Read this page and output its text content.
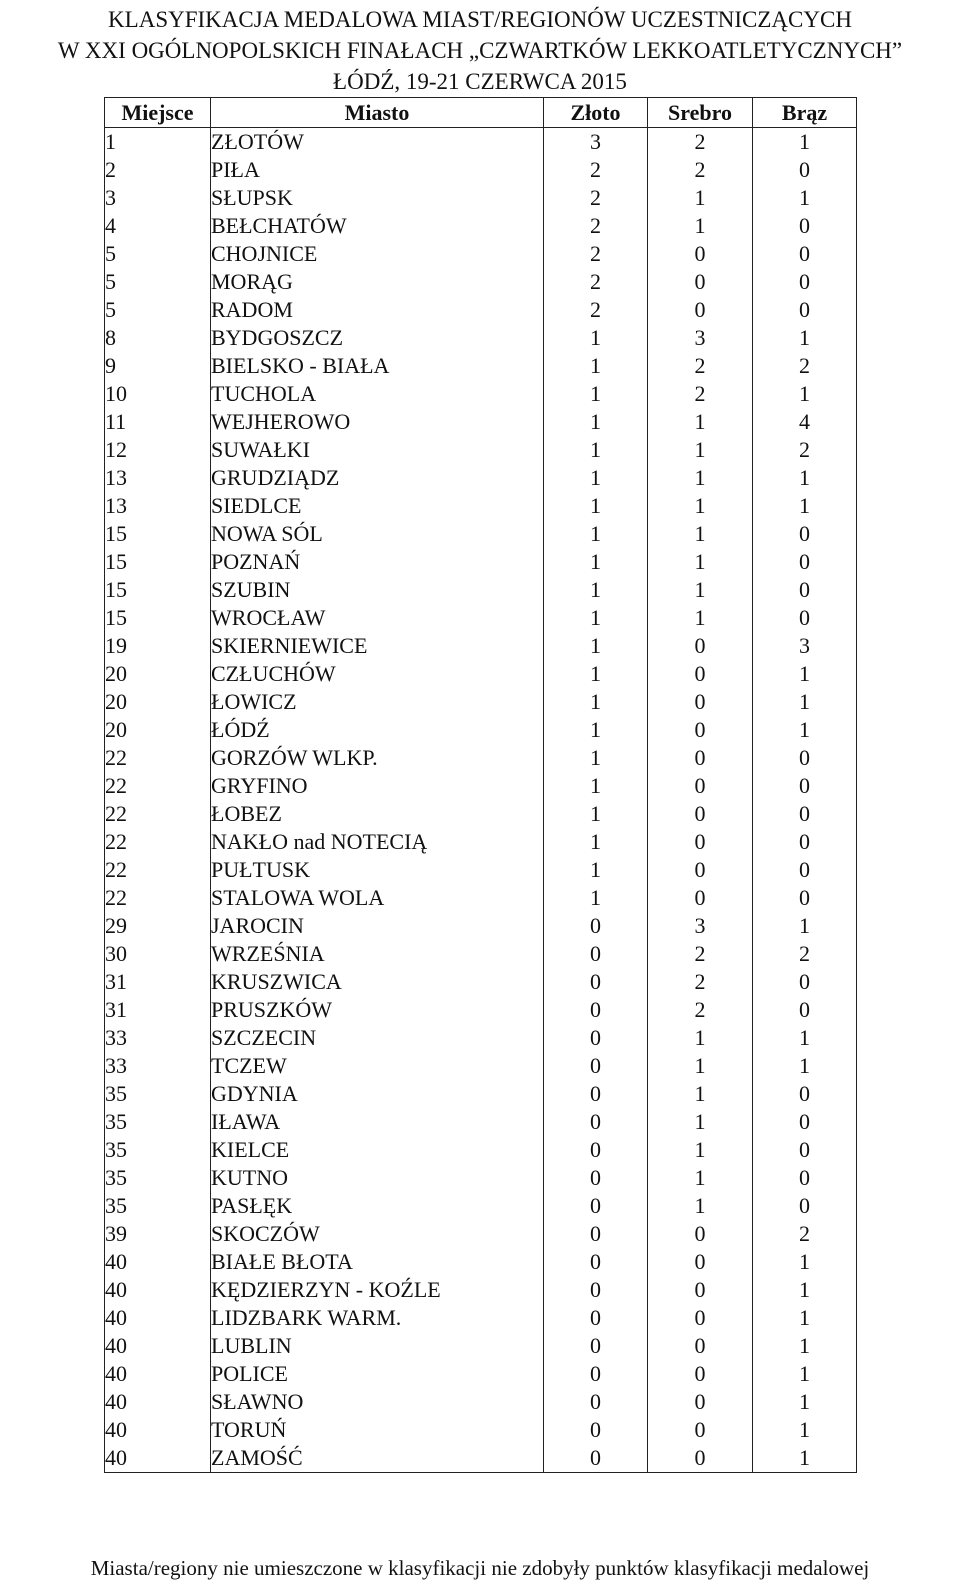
KLASYFIKACJA MEDALOWA MIAST/REGIONÓW UCZESTNICZĄCYCH
W XXI OGÓLNOPOLSKICH FINAŁACH „CZWARTKÓW LEKKOATLETYCZNYCH”
ŁÓDŹ, 19-21 CZERWCA 2015
Miejsce	Miasto	Złoto	Srebro	Brąz
1	ZŁOTÓW	3	2	1
2	PIŁA	2	2	0
3	SŁUPSK	2	1	1
4	BEŁCHATÓW	2	1	0
5	CHOJNICE	2	0	0
5	MORĄG	2	0	0
5	RADOM	2	0	0
8	BYDGOSZCZ	1	3	1
9	BIELSKO - BIAŁA	1	2	2
10	TUCHOLA	1	2	1
11	WEJHEROWO	1	1	4
12	SUWAŁKI	1	1	2
13	GRUDZIĄDZ	1	1	1
13	SIEDLCE	1	1	1
15	NOWA SÓL	1	1	0
15	POZNAŃ	1	1	0
15	SZUBIN	1	1	0
15	WROCŁAW	1	1	0
19	SKIERNIEWICE	1	0	3
20	CZŁUCHÓW	1	0	1
20	ŁOWICZ	1	0	1
20	ŁÓDŹ	1	0	1
22	GORZÓW WLKP.	1	0	0
22	GRYFINO	1	0	0
22	ŁOBEZ	1	0	0
22	NAKŁO nad NOTECIĄ	1	0	0
22	PUŁTUSK	1	0	0
22	STALOWA WOLA	1	0	0
29	JAROCIN	0	3	1
30	WRZEŚNIA	0	2	2
31	KRUSZWICA	0	2	0
31	PRUSZKÓW	0	2	0
33	SZCZECIN	0	1	1
33	TCZEW	0	1	1
35	GDYNIA	0	1	0
35	IŁAWA	0	1	0
35	KIELCE	0	1	0
35	KUTNO	0	1	0
35	PASŁĘK	0	1	0
39	SKOCZÓW	0	0	2
40	BIAŁE BŁOTA	0	0	1
40	KĘDZIERZYN - KOŹLE	0	0	1
40	LIDZBARK WARM.	0	0	1
40	LUBLIN	0	0	1
40	POLICE	0	0	1
40	SŁAWNO	0	0	1
40	TORUŃ	0	0	1
40	ZAMOŚĆ	0	0	1
Miasta/regiony nie umieszczone w klasyfikacji nie zdobyły punktów klasyfikacji medalowej
